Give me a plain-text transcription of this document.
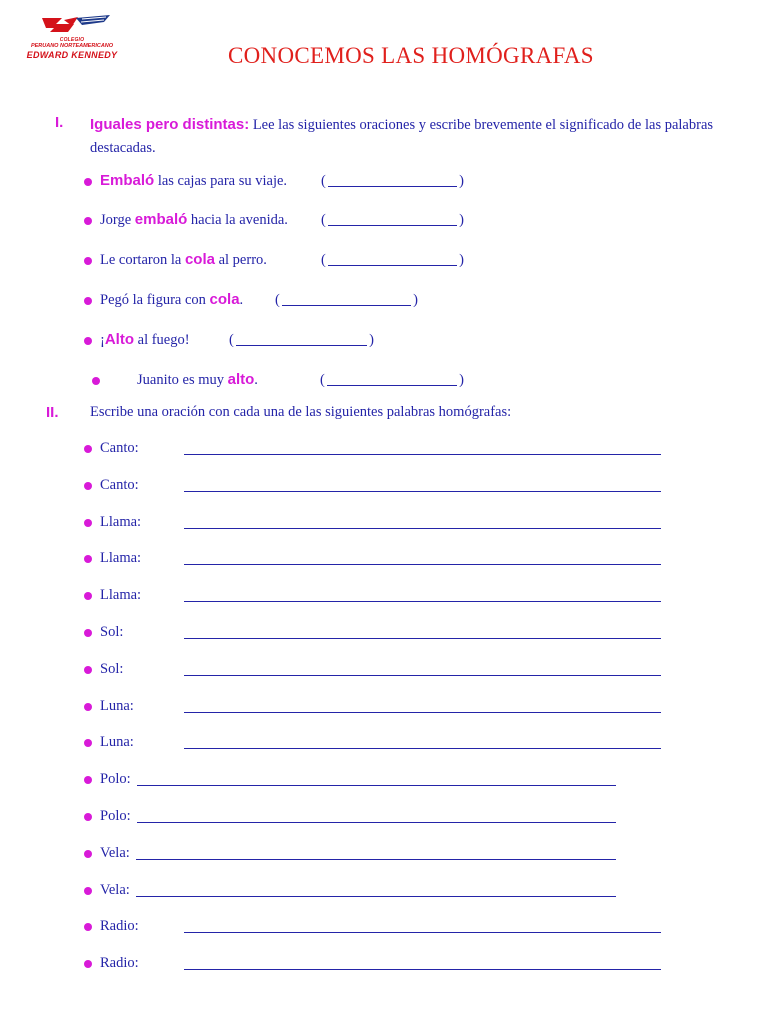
COLEGIO
PERUANO NORTEAMERICANO
EDWARD KENNEDY	CONOCEMOS LAS HOMÓGRAFAS
I. Iguales pero distintas: Lee las siguientes oraciones y escribe brevemente el significado de las palabras destacadas.
Embaló las cajas para su viaje. (	)
Jorge embaló hacia la avenida. (	)
Le cortaron la cola al perro.	(	)
Pegó la figura con cola. (	)
¡Alto al fuego!	(	)
Juanito es muy alto.	(	)
II. Escribe una oración con cada una de las siguientes palabras homógrafas:
Canto:
Canto:
Llama:
Llama:
Llama:
Sol:
Sol:
Luna:
Luna:
Polo:
Polo:
Vela:
Vela:
Radio:
Radio:
